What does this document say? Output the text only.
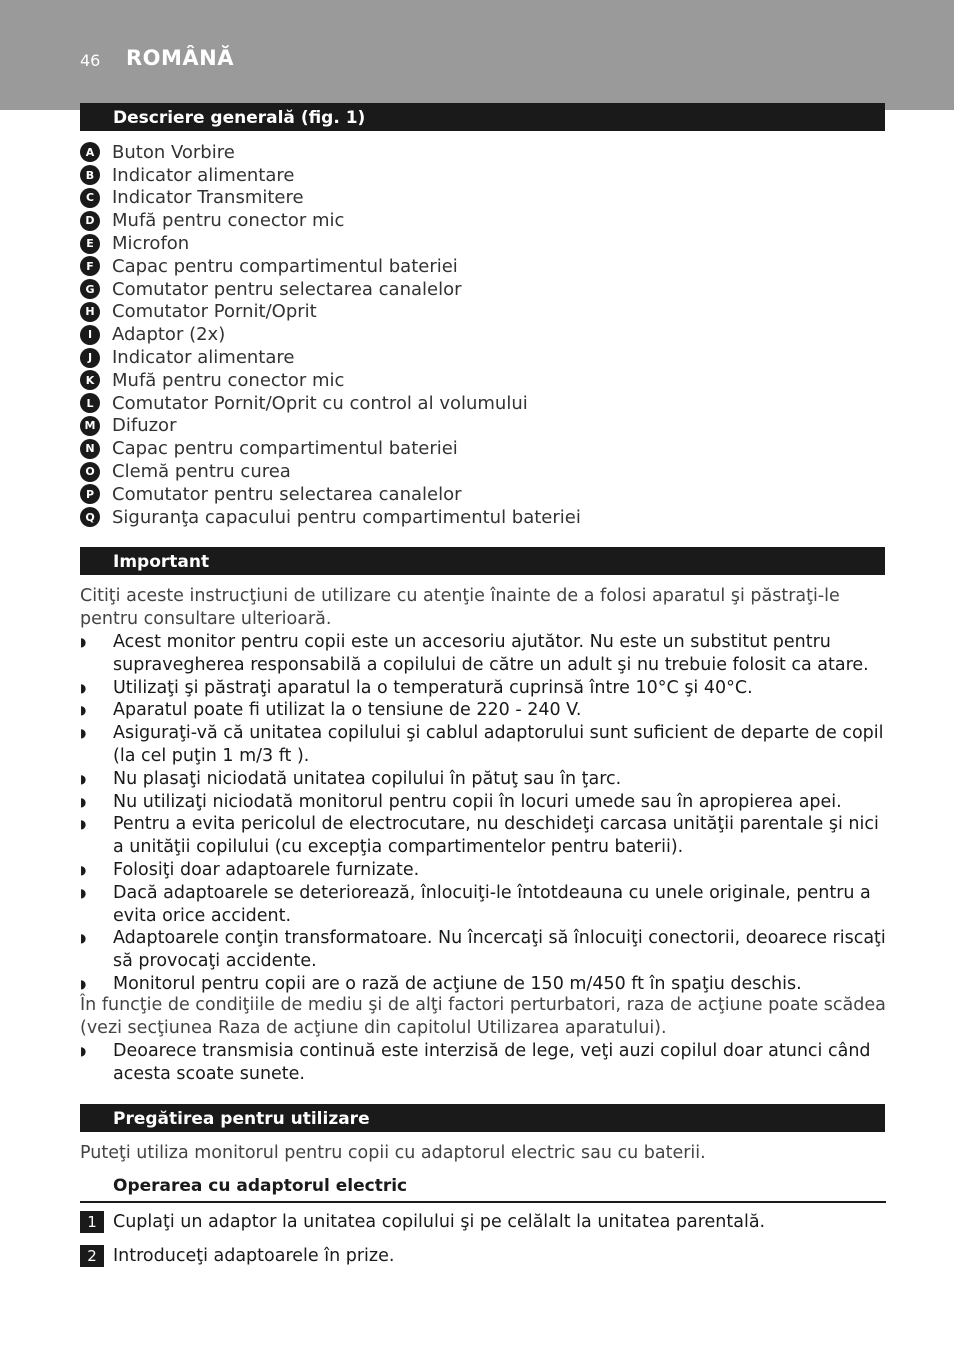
46 ROMÂNĂ
Descriere generală (fig. 1)
A Buton Vorbire
B Indicator alimentare
C Indicator Transmitere
D Mufă pentru conector mic
E	Microfon
F	Capac pentru compartimentul bateriei
G Comutator pentru selectarea canalelor
H Comutator Pornit/Oprit
I	Adaptor (2x)
J	Indicator alimentare
K Mufă pentru conector mic
L	Comutator Pornit/Oprit cu control al volumului
M Difuzor
N Capac pentru compartimentul bateriei
O Clemă pentru curea
P Comutator pentru selectarea canalelor
Q Siguranţa capacului pentru compartimentul bateriei
Important
Citiţi aceste instrucţiuni de utilizare cu atenţie înainte de a folosi aparatul şi păstraţi-le pentru consultare ulterioară.
◗	Acest monitor pentru copii este un accesoriu ajutător. Nu este un substitut pentru supravegherea responsabilă a copilului de către un adult şi nu trebuie folosit ca atare.
◗	Utilizaţi şi păstraţi aparatul la o temperatură cuprinsă între 10°C şi 40°C.
◗	Aparatul poate fi utilizat la o tensiune de 220 - 240 V.
◗	Asiguraţi-vă că unitatea copilului şi cablul adaptorului sunt suficient de departe de copil (la cel puţin 1 m/3 ft ).
◗	Nu plasaţi niciodată unitatea copilului în pătuţ sau în ţarc.
◗	Nu utilizaţi niciodată monitorul pentru copii în locuri umede sau în apropierea apei.
◗	Pentru a evita pericolul de electrocutare, nu deschideţi carcasa unităţii parentale şi nici a unităţii copilului (cu excepţia compartimentelor pentru baterii).
◗	Folosiţi doar adaptoarele furnizate.
◗	Dacă adaptoarele se deteriorează, înlocuiţi-le întotdeauna cu unele originale, pentru a evita orice accident.
◗	Adaptoarele conţin transformatoare. Nu încercaţi să înlocuiţi conectorii, deoarece riscaţi să provocaţi accidente.
◗	Monitorul pentru copii are o rază de acţiune de 150 m/450 ft în spaţiu deschis.
În funcţie de condiţiile de mediu şi de alţi factori perturbatori, raza de acţiune poate scădea (vezi secţiunea Raza de acţiune din capitolul Utilizarea aparatului).
◗	Deoarece transmisia continuă este interzisă de lege, veţi auzi copilul doar atunci când acesta scoate sunete.
Pregătirea pentru utilizare
Puteţi utiliza monitorul pentru copii cu adaptorul electric sau cu baterii.
Operarea cu adaptorul electric
1 Cuplaţi un adaptor la unitatea copilului şi pe celălalt la unitatea parentală.
2 Introduceţi adaptoarele în prize.
